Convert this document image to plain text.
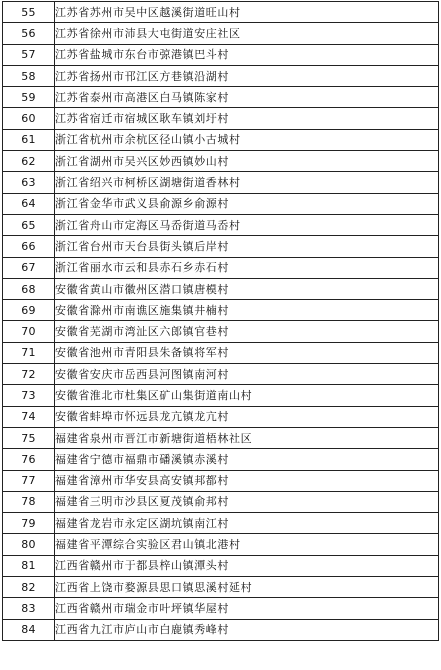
55	江苏省苏州市吴中区越溪街道旺山村
56	江苏省徐州市沛县大屯街道安庄社区
57	江苏省盐城市东台市弶港镇巴斗村
58	江苏省扬州市邗江区方巷镇沿湖村
59	江苏省泰州市高港区白马镇陈家村
60	江苏省宿迁市宿城区耿车镇刘圩村
61	浙江省杭州市余杭区径山镇小古城村
62	浙江省湖州市吴兴区妙西镇妙山村
63	浙江省绍兴市柯桥区湖塘街道香林村
64	浙江省金华市武义县俞源乡俞源村
65	浙江省舟山市定海区马岙街道马岙村
66	浙江省台州市天台县街头镇后岸村
67	浙江省丽水市云和县赤石乡赤石村
68	安徽省黄山市徽州区潜口镇唐模村
69	安徽省滁州市南谯区施集镇井楠村
70	安徽省芜湖市湾沚区六郎镇官巷村
71	安徽省池州市青阳县朱备镇将军村
72	安徽省安庆市岳西县河图镇南河村
73	安徽省淮北市杜集区矿山集街道南山村
74	安徽省蚌埠市怀远县龙亢镇龙亢村
75	福建省泉州市晋江市新塘街道梧林社区
76	福建省宁德市福鼎市磻溪镇赤溪村
77	福建省漳州市华安县高安镇邦都村
78	福建省三明市沙县区夏茂镇俞邦村
79	福建省龙岩市永定区湖坑镇南江村
80	福建省平潭综合实验区君山镇北港村
81	江西省赣州市于都县梓山镇潭头村
82	江西省上饶市婺源县思口镇思溪村延村
83	江西省赣州市瑞金市叶坪镇华屋村
84	江西省九江市庐山市白鹿镇秀峰村
